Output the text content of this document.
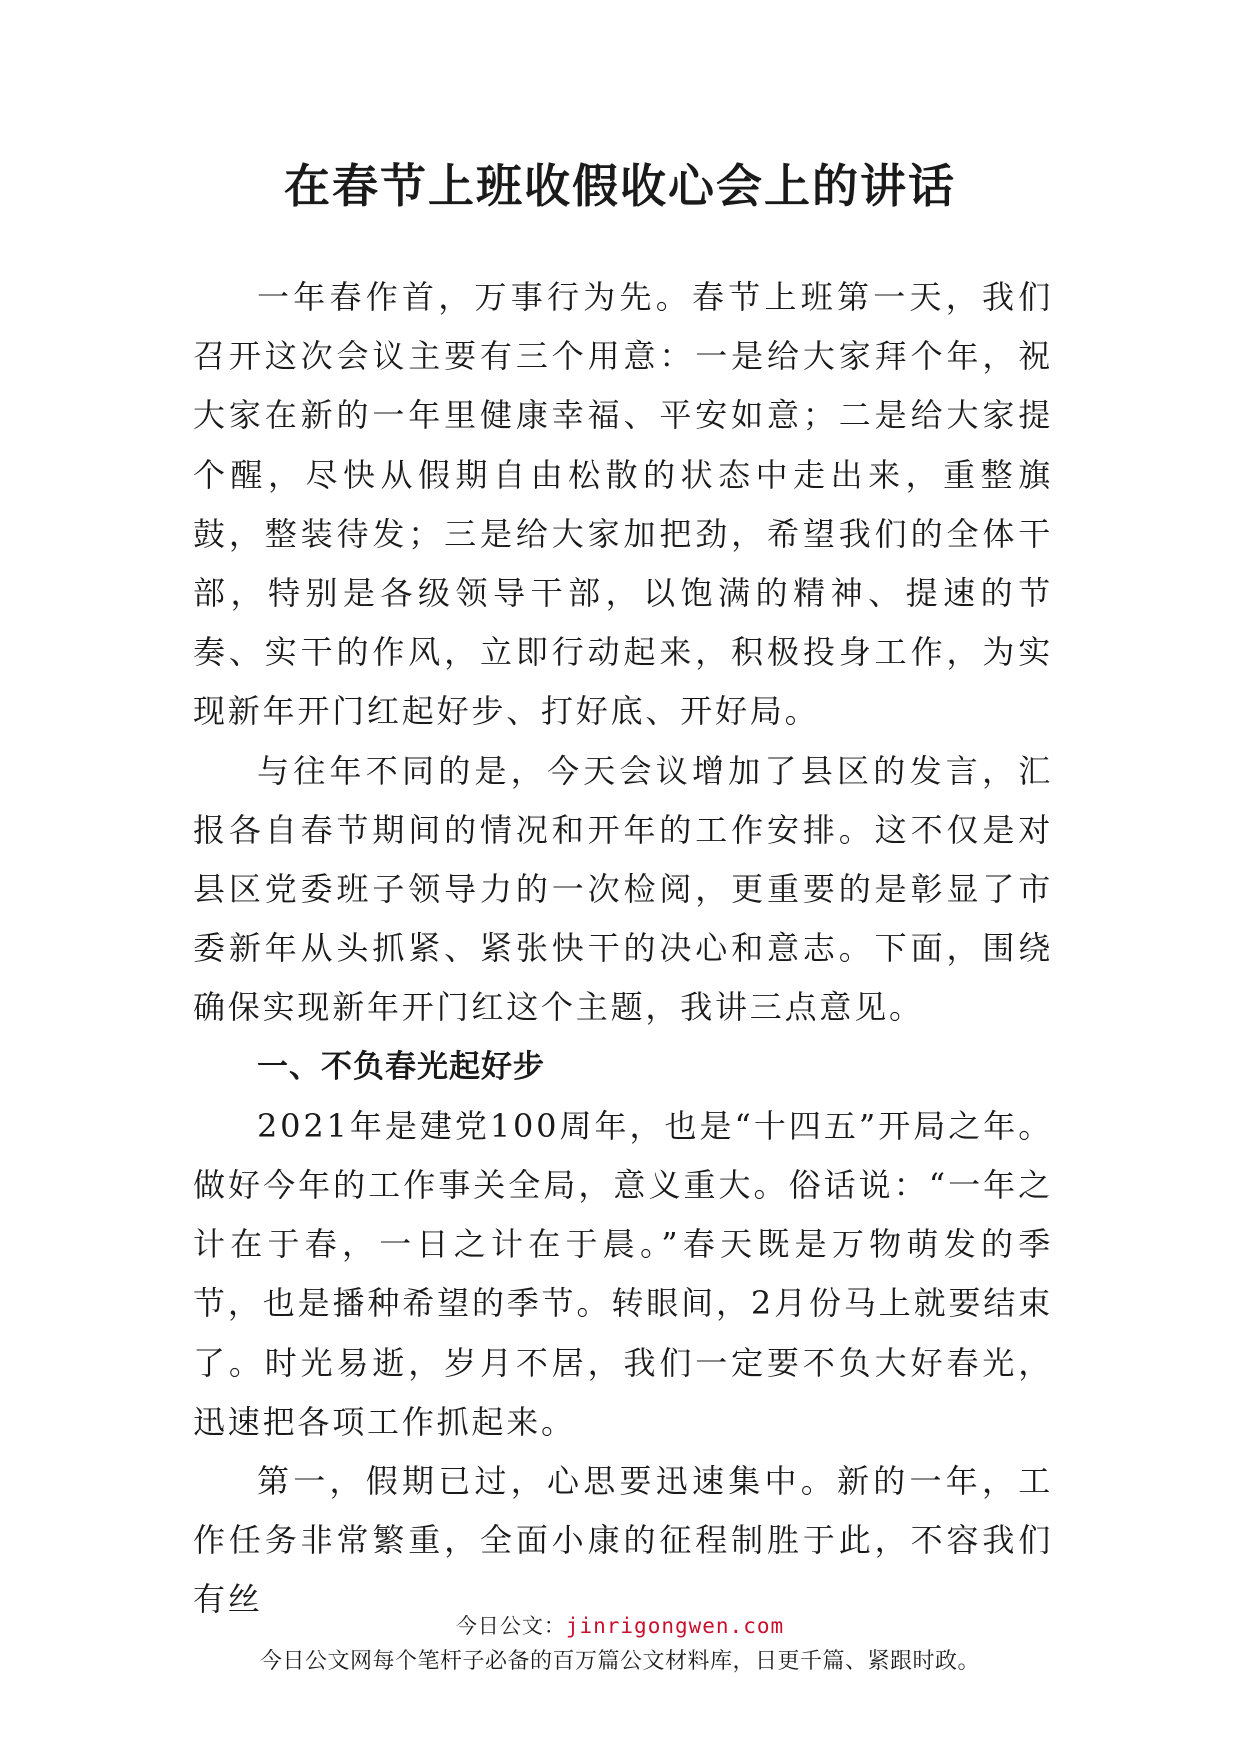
在春节上班收假收心会上的讲话

一年春作首，万事行为先。春节上班第一天，我们召开这次会议主要有三个用意：一是给大家拜个年，祝大家在新的一年里健康幸福、平安如意；二是给大家提个醒，尽快从假期自由松散的状态中走出来，重整旗鼓，整装待发；三是给大家加把劲，希望我们的全体干部，特别是各级领导干部，以饱满的精神、提速的节奏、实干的作风，立即行动起来，积极投身工作，为实现新年开门红起好步、打好底、开好局。

与往年不同的是，今天会议增加了县区的发言，汇报各自春节期间的情况和开年的工作安排。这不仅是对县区党委班子领导力的一次检阅，更重要的是彰显了市委新年从头抓紧、紧张快干的决心和意志。下面，围绕确保实现新年开门红这个主题，我讲三点意见。

一、不负春光起好步

2021年是建党100周年，也是“十四五”开局之年。做好今年的工作事关全局，意义重大。俗话说：“一年之计在于春，一日之计在于晨。”春天既是万物萌发的季节，也是播种希望的季节。转眼间，2月份马上就要结束了。时光易逝，岁月不居，我们一定要不负大好春光，迅速把各项工作抓起来。

第一，假期已过，心思要迅速集中。新的一年，工作任务非常繁重，全面小康的征程制胜于此，不容我们有丝

今日公文：jinrigongwen.com
今日公文网每个笔杆子必备的百万篇公文材料库，日更千篇、紧跟时政。
